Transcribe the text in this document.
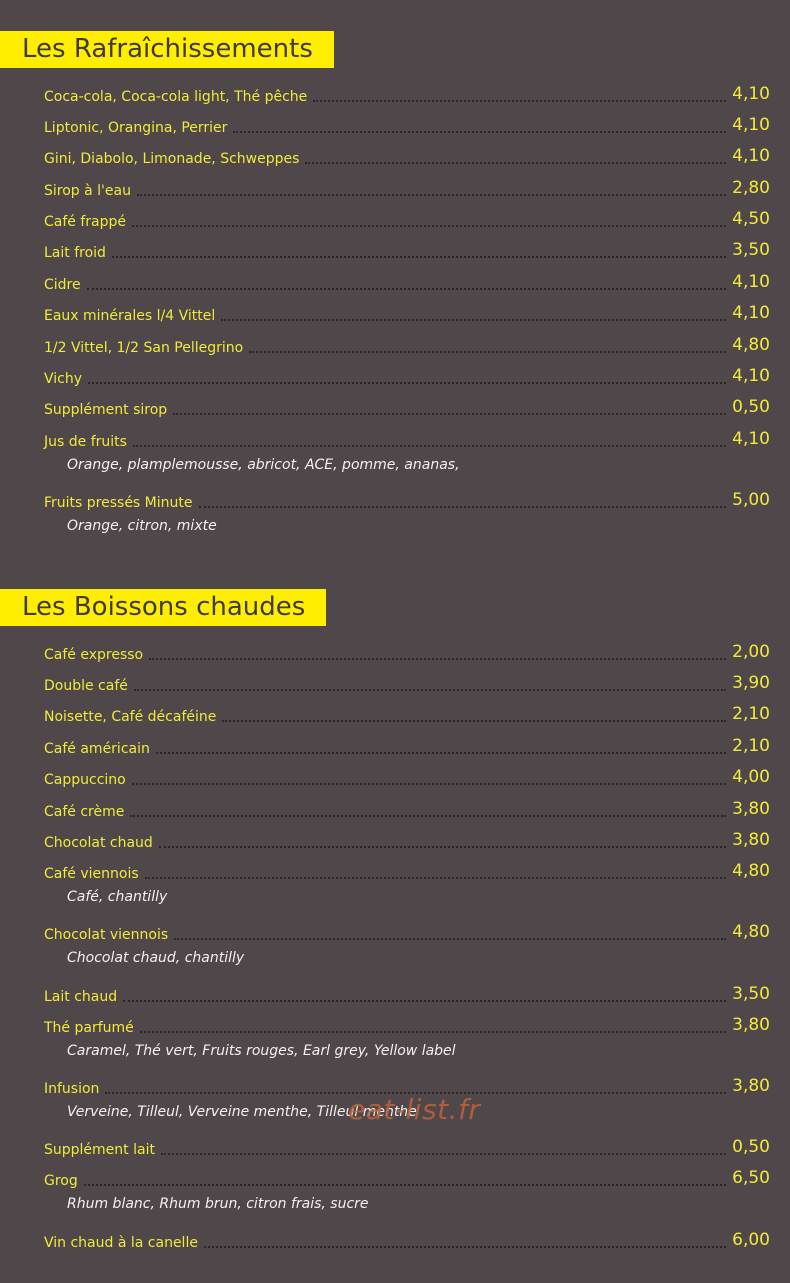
Coca-cola, Coca-cola light, Thé pêche	4,10
Liptonic, Orangina, Perrier	4,10
Gini, Diabolo, Limonade, Schweppes	4,10
Sirop à l'eau	2,80
Café frappé	4,50
Lait froid	3,50
Cidre	4,10
Eaux minérales l/4 Vittel	4,10
1/2 Vittel, 1/2 San Pellegrino	4,80
Vichy	4,10
Supplément sirop	0,50
Jus de fruits	4,10
Orange, plamplemousse, abricot, ACE, pomme, ananas,
Fruits pressés Minute	5,00
Orange, citron, mixte
Café expresso	2,00
Double café	3,90
Noisette, Café décaféine	2,10
Café américain	2,10
Cappuccino	4,00
Café crème	3,80
Chocolat chaud	3,80
Café viennois	4,80
Café, chantilly
Chocolat viennois	4,80
Chocolat chaud, chantilly
Lait chaud	3,50
Thé parfumé	3,80
Caramel, Thé vert, Fruits rouges, Earl grey, Yellow label
Infusion	3,80
Verveine, Tilleul, Verveine menthe, Tilleul menthe
Supplément lait	0,50
Grog	6,50
Rhum blanc, Rhum brun, citron frais, sucre
Vin chaud à la canelle	6,00
eat-list.fr
Les Rafraîchissements
Les Boissons chaudes
